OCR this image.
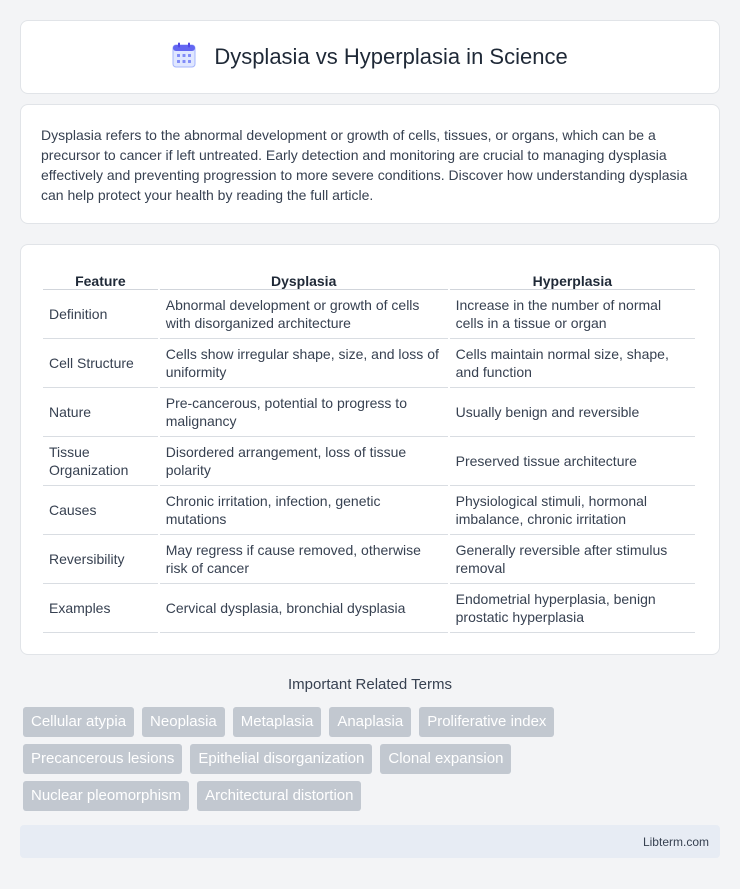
Dysplasia vs Hyperplasia in Science

Dysplasia refers to the abnormal development or growth of cells, tissues, or organs, which can be a precursor to cancer if left untreated. Early detection and monitoring are crucial to managing dysplasia effectively and preventing progression to more severe conditions. Discover how understanding dysplasia can help protect your health by reading the full article.

Feature	Dysplasia	Hyperplasia
Definition	Abnormal development or growth of cells with disorganized architecture	Increase in the number of normal cells in a tissue or organ
Cell Structure	Cells show irregular shape, size, and loss of uniformity	Cells maintain normal size, shape, and function
Nature	Pre-cancerous, potential to progress to malignancy	Usually benign and reversible
Tissue Organization	Disordered arrangement, loss of tissue polarity	Preserved tissue architecture
Causes	Chronic irritation, infection, genetic mutations	Physiological stimuli, hormonal imbalance, chronic irritation
Reversibility	May regress if cause removed, otherwise risk of cancer	Generally reversible after stimulus removal
Examples	Cervical dysplasia, bronchial dysplasia	Endometrial hyperplasia, benign prostatic hyperplasia
Important Related Terms
Cellular atypia	Neoplasia	Metaplasia	Anaplasia	Proliferative index
Precancerous lesions	Epithelial disorganization	Clonal expansion
Nuclear pleomorphism	Architectural distortion
Libterm.com
